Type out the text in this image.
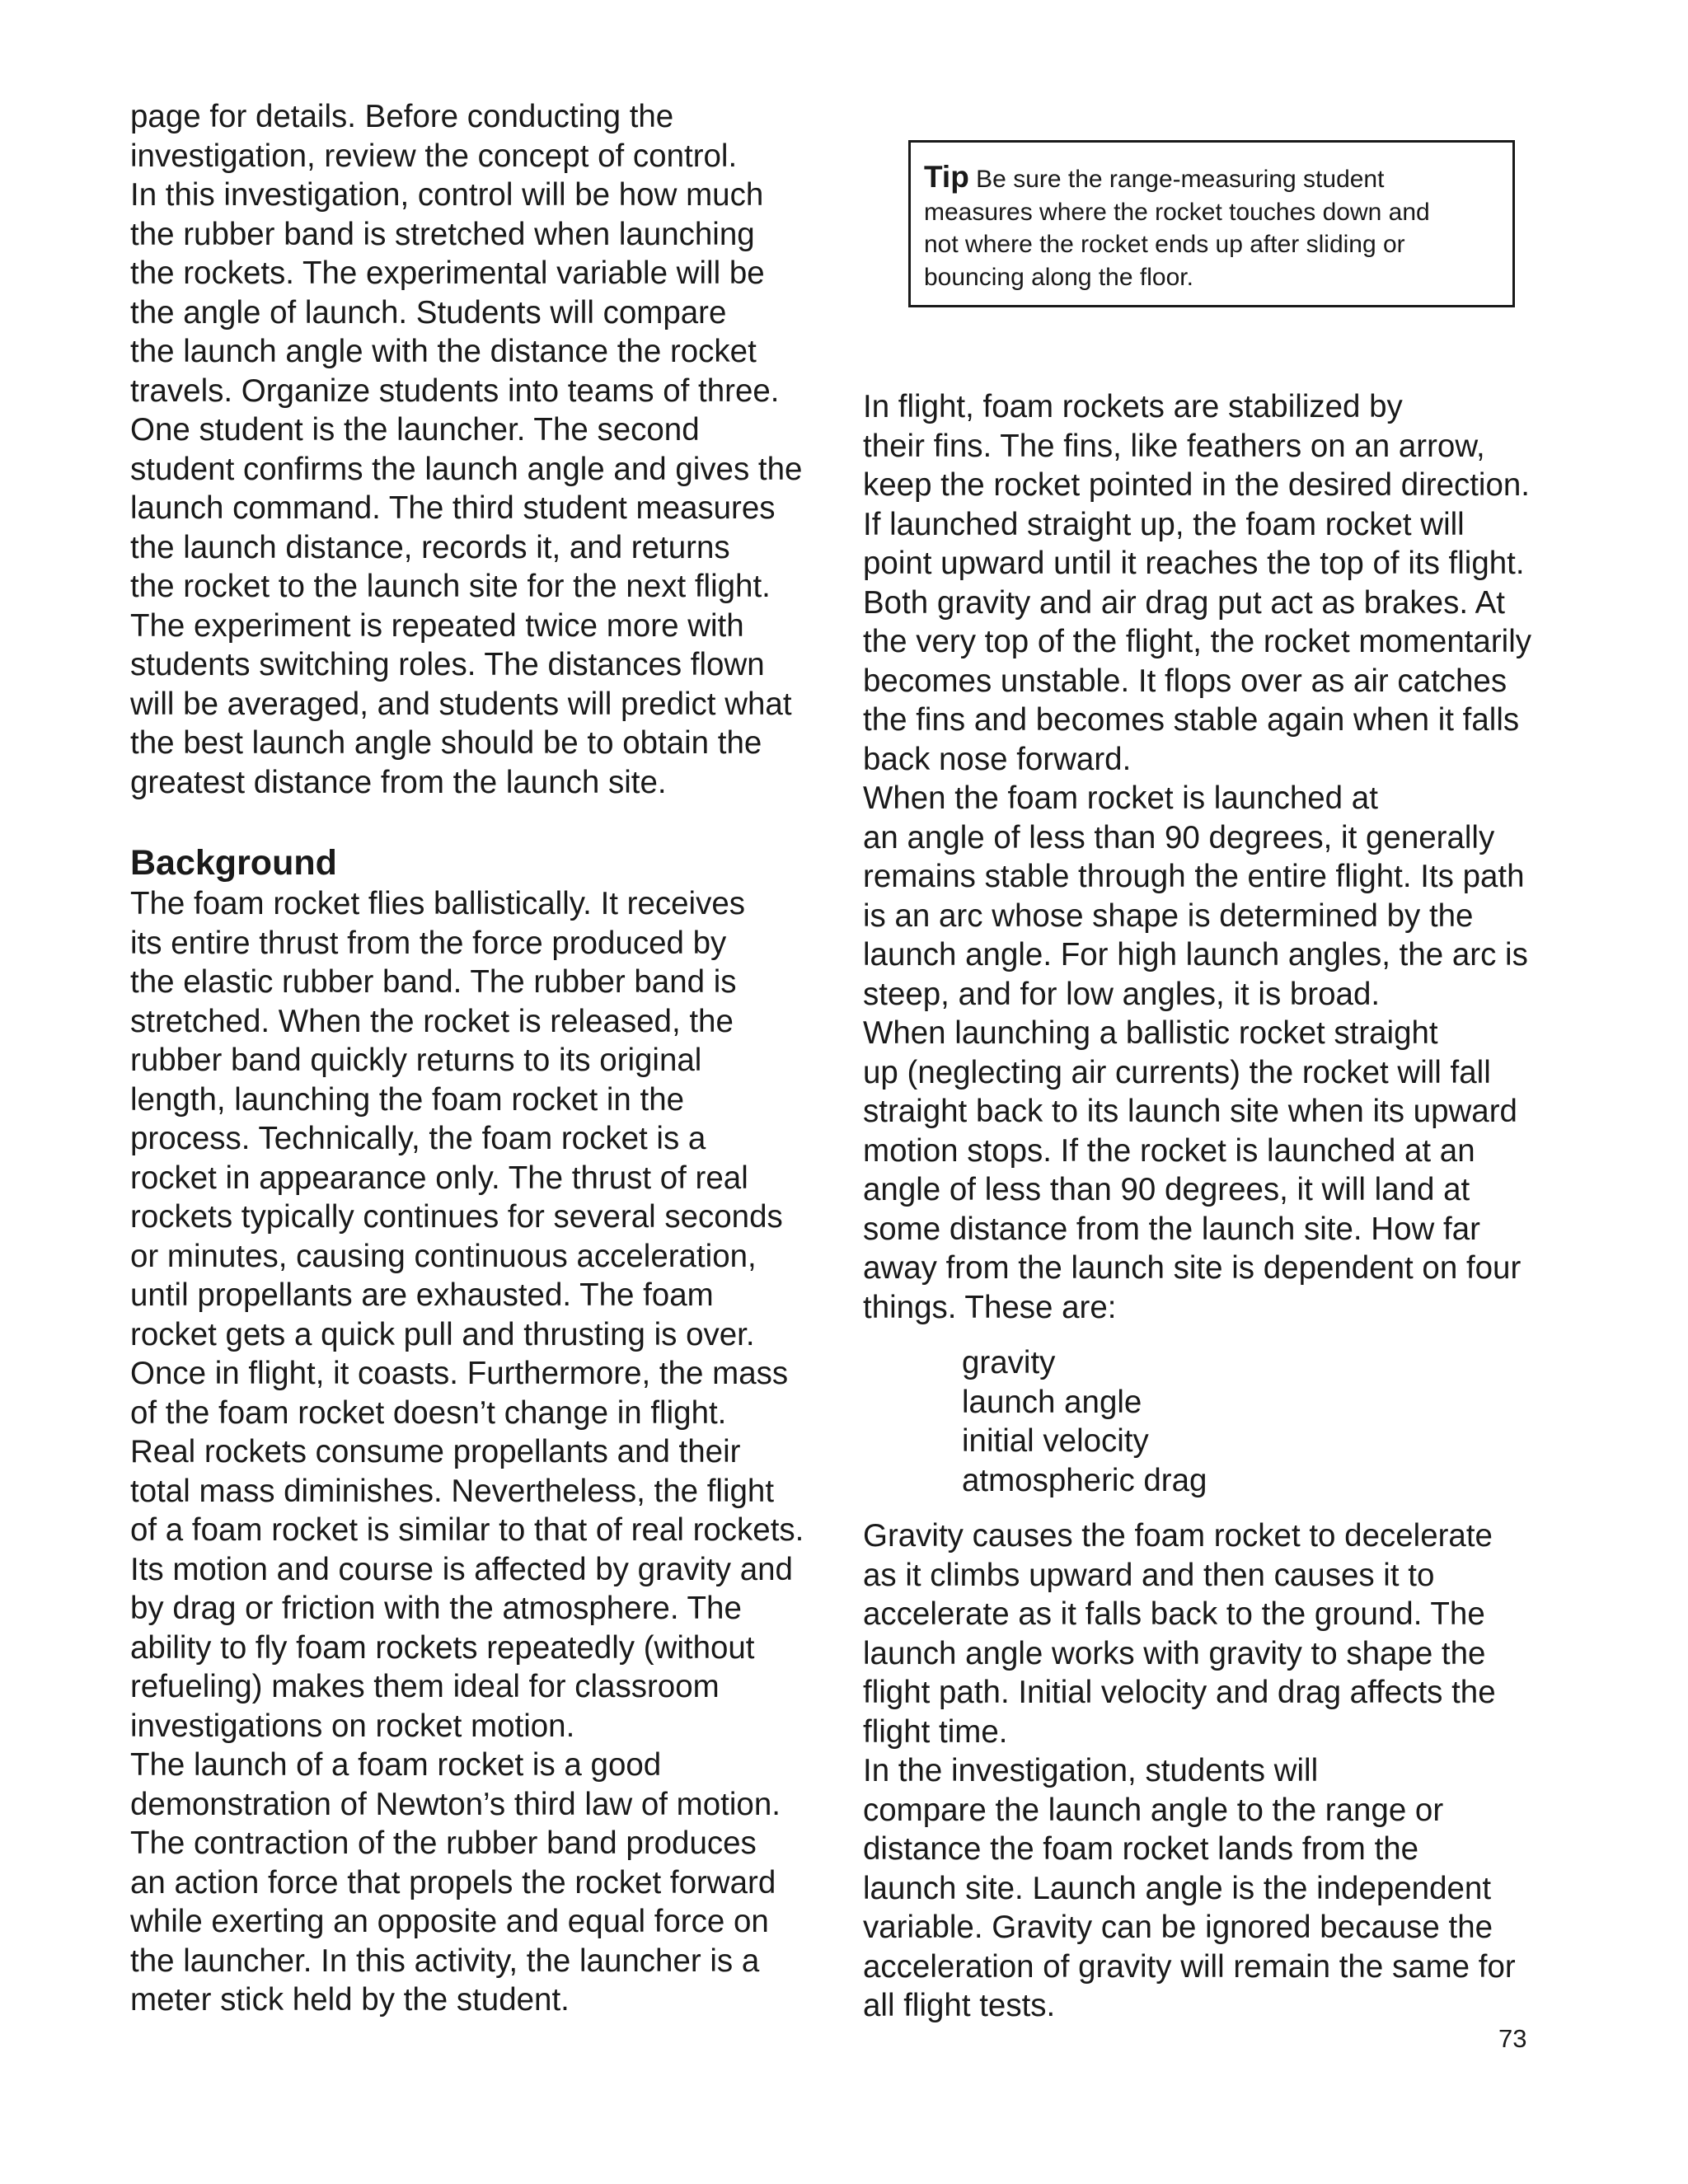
page for details. Before conducting the
investigation, review the concept of control.
In this investigation, control will be how much
the rubber band is stretched when launching
the rockets. The experimental variable will be
the angle of launch. Students will compare
the launch angle with the distance the rocket
travels. Organize students into teams of three.
One student is the launcher. The second
student confirms the launch angle and gives the
launch command. The third student measures
the launch distance, records it, and returns
the rocket to the launch site for the next flight.
The experiment is repeated twice more with
students switching roles. The distances flown
will be averaged, and students will predict what
the best launch angle should be to obtain the
greatest distance from the launch site.

Background

The foam rocket flies ballistically. It receives
its entire thrust from the force produced by
the elastic rubber band. The rubber band is
stretched. When the rocket is released, the
rubber band quickly returns to its original
length, launching the foam rocket in the
process. Technically, the foam rocket is a
rocket in appearance only. The thrust of real
rockets typically continues for several seconds
or minutes, causing continuous acceleration,
until propellants are exhausted. The foam
rocket gets a quick pull and thrusting is over.
Once in flight, it coasts. Furthermore, the mass
of the foam rocket doesn’t change in flight.
Real rockets consume propellants and their
total mass diminishes. Nevertheless, the flight
of a foam rocket is similar to that of real rockets.
Its motion and course is affected by gravity and
by drag or friction with the atmosphere. The
ability to fly foam rockets repeatedly (without
refueling) makes them ideal for classroom
investigations on rocket motion.

The launch of a foam rocket is a good
demonstration of Newton’s third law of motion.
The contraction of the rubber band produces
an action force that propels the rocket forward
while exerting an opposite and equal force on
the launcher. In this activity, the launcher is a
meter stick held by the student.

Tip Be sure the range-measuring student
measures where the rocket touches down and
not where the rocket ends up after sliding or
bouncing along the floor.

In flight, foam rockets are stabilized by
their fins. The fins, like feathers on an arrow,
keep the rocket pointed in the desired direction.
If launched straight up, the foam rocket will
point upward until it reaches the top of its flight.
Both gravity and air drag put act as brakes. At
the very top of the flight, the rocket momentarily
becomes unstable. It flops over as air catches
the fins and becomes stable again when it falls
back nose forward.

When the foam rocket is launched at
an angle of less than 90 degrees, it generally
remains stable through the entire flight. Its path
is an arc whose shape is determined by the
launch angle. For high launch angles, the arc is
steep, and for low angles, it is broad.

When launching a ballistic rocket straight
up (neglecting air currents) the rocket will fall
straight back to its launch site when its upward
motion stops. If the rocket is launched at an
angle of less than 90 degrees, it will land at
some distance from the launch site. How far
away from the launch site is dependent on four
things. These are:

gravity
launch angle
initial velocity
atmospheric drag

Gravity causes the foam rocket to decelerate
as it climbs upward and then causes it to
accelerate as it falls back to the ground. The
launch angle works with gravity to shape the
flight path. Initial velocity and drag affects the
flight time.

In the investigation, students will
compare the launch angle to the range or
distance the foam rocket lands from the
launch site. Launch angle is the independent
variable. Gravity can be ignored because the
acceleration of gravity will remain the same for
all flight tests.

73
